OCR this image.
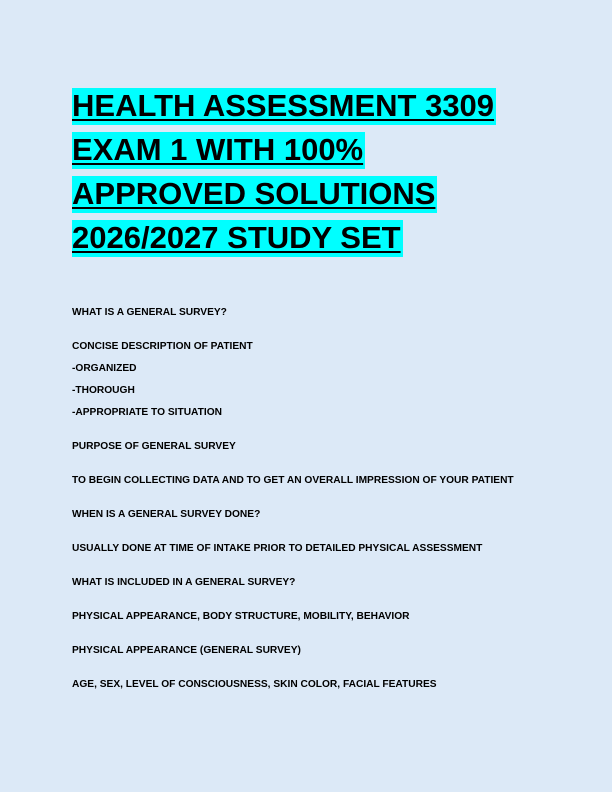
HEALTH ASSESSMENT 3309
EXAM 1 WITH 100%
APPROVED SOLUTIONS
2026/2027 STUDY SET
WHAT IS A GENERAL SURVEY?
CONCISE DESCRIPTION OF PATIENT
-ORGANIZED
-THOROUGH
-APPROPRIATE TO SITUATION
PURPOSE OF GENERAL SURVEY
TO BEGIN COLLECTING DATA AND TO GET AN OVERALL IMPRESSION OF YOUR PATIENT
WHEN IS A GENERAL SURVEY DONE?
USUALLY DONE AT TIME OF INTAKE PRIOR TO DETAILED PHYSICAL ASSESSMENT
WHAT IS INCLUDED IN A GENERAL SURVEY?
PHYSICAL APPEARANCE, BODY STRUCTURE, MOBILITY, BEHAVIOR
PHYSICAL APPEARANCE (GENERAL SURVEY)
AGE, SEX, LEVEL OF CONSCIOUSNESS, SKIN COLOR, FACIAL FEATURES
